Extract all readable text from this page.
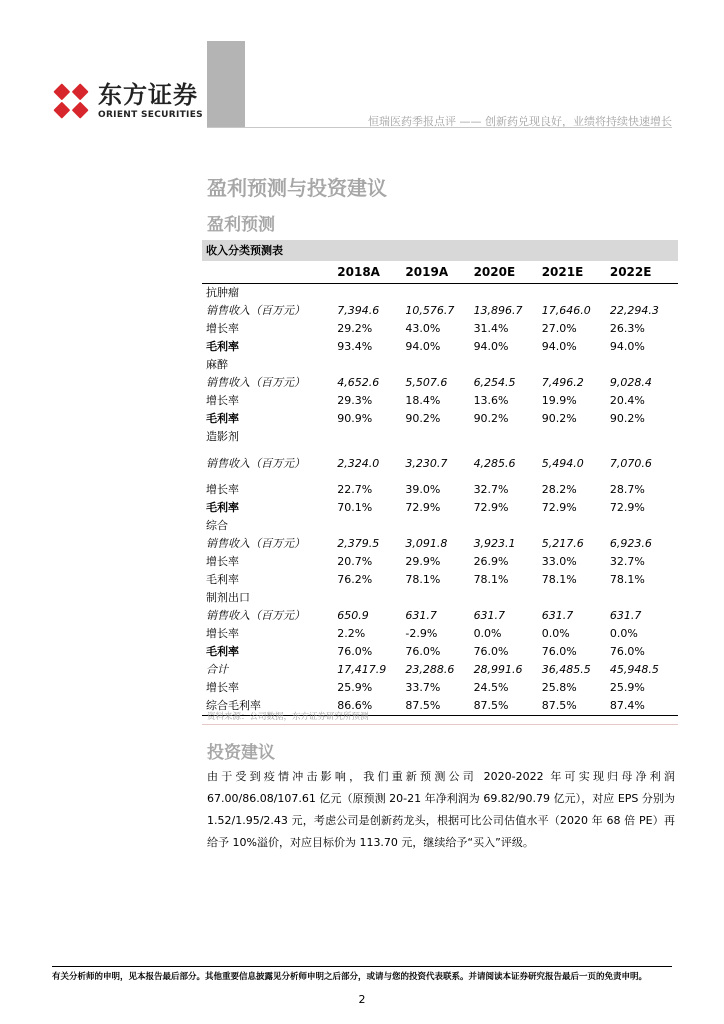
东方证券
ORIENT SECURITIES	恒瑞医药季报点评 —— 创新药兑现良好，业绩将持续快速增长
盈利预测与投资建议
盈利预测
收入分类预测表
	2018A	2019A	2020E	2021E	2022E
抗肿瘤					
销售收入（百万元）	7,394.6	10,576.7	13,896.7	17,646.0	22,294.3
增长率	29.2%	43.0%	31.4%	27.0%	26.3%
毛利率	93.4%	94.0%	94.0%	94.0%	94.0%
麻醉					
销售收入（百万元）	4,652.6	5,507.6	6,254.5	7,496.2	9,028.4
增长率	29.3%	18.4%	13.6%	19.9%	20.4%
毛利率	90.9%	90.2%	90.2%	90.2%	90.2%
造影剂					
销售收入（百万元）	2,324.0	3,230.7	4,285.6	5,494.0	7,070.6
增长率	22.7%	39.0%	32.7%	28.2%	28.7%
毛利率	70.1%	72.9%	72.9%	72.9%	72.9%
综合					
销售收入（百万元）	2,379.5	3,091.8	3,923.1	5,217.6	6,923.6
增长率	20.7%	29.9%	26.9%	33.0%	32.7%
毛利率	76.2%	78.1%	78.1%	78.1%	78.1%
制剂出口					
销售收入（百万元）	650.9	631.7	631.7	631.7	631.7
增长率	2.2%	-2.9%	0.0%	0.0%	0.0%
毛利率	76.0%	76.0%	76.0%	76.0%	76.0%
合计	17,417.9	23,288.6	28,991.6	36,485.5	45,948.5
增长率	25.9%	33.7%	24.5%	25.8%	25.9%
综合毛利率	86.6%	87.5%	87.5%	87.5%	87.4%
资料来源：公司数据，东方证券研究所预测
投资建议
由于受到疫情冲击影响，我们重新预测公司 2020-2022 年可实现归母净利润 67.00/86.08/107.61 亿元（原预测 20-21 年净利润为 69.82/90.79 亿元），对应 EPS 分别为 1.52/1.95/2.43 元，考虑公司是创新药龙头，根据可比公司估值水平（2020 年 68 倍 PE）再给予 10%溢价，对应目标价为 113.70 元，继续给予“买入”评级。
有关分析师的申明，见本报告最后部分。其他重要信息披露见分析师申明之后部分，或请与您的投资代表联系。并请阅读本证券研究报告最后一页的免责申明。
2
